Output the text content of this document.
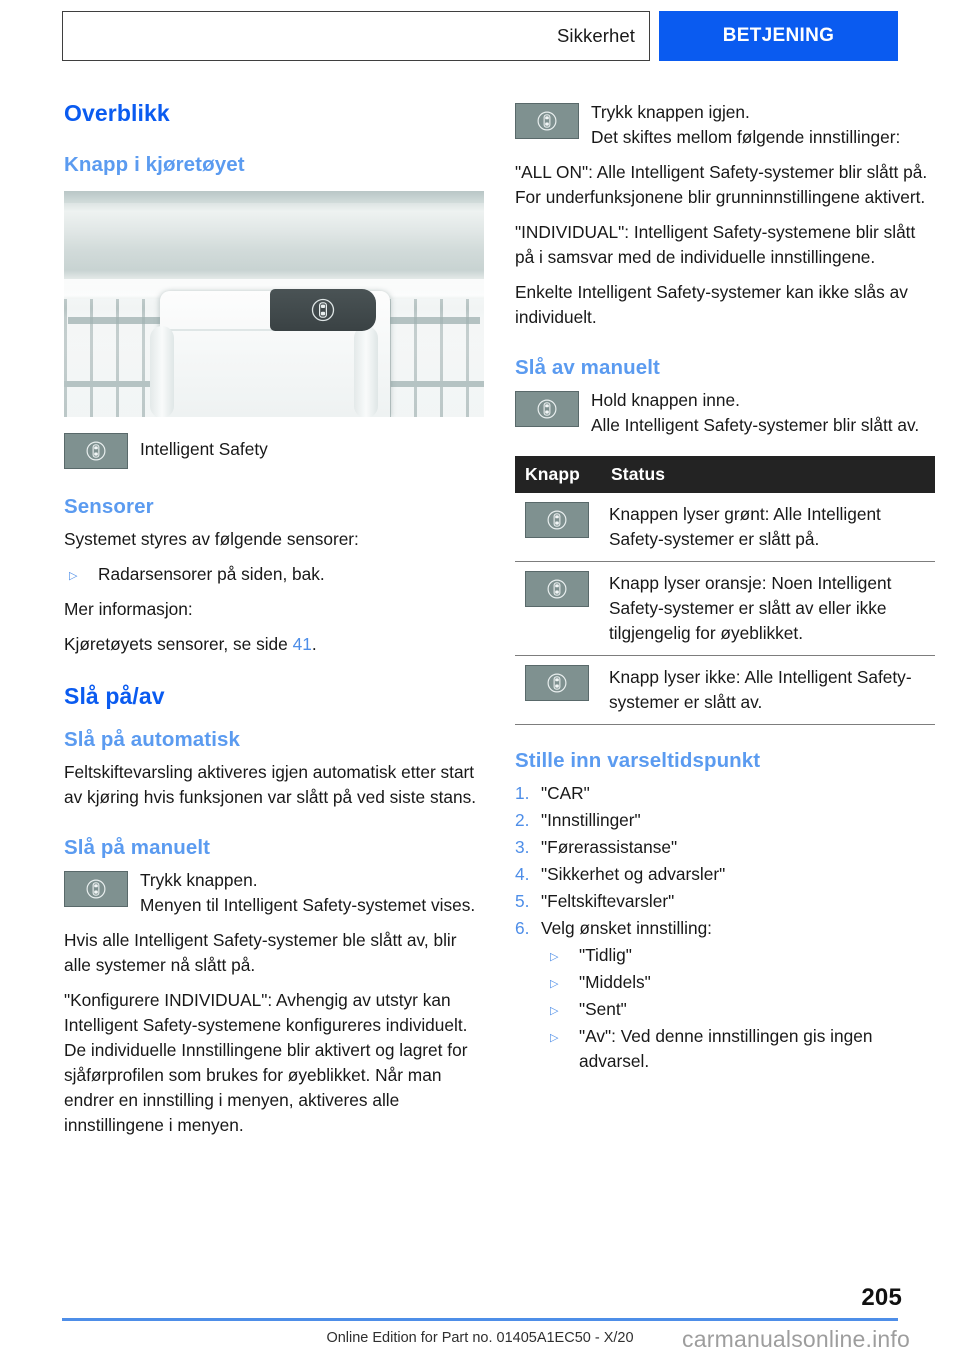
Sikkerhet	BETJENING
Overblikk
Knapp i kjøretøyet
Intelligent Safety
Sensorer

Systemet styres av følgende sensorer:

▷ Radarsensorer på siden, bak.

Mer informasjon:

Kjøretøyets sensorer, se side 41.

Slå på/av
Slå på automatisk

Feltskiftevarsling aktiveres igjen automatisk etter start av kjøring hvis funksjonen var slått på ved siste stans.

Slå på manuelt
Trykk knappen.
Menyen til Intelligent Safety-systemet vises.

Hvis alle Intelligent Safety-systemer ble slått av, blir alle systemer nå slått på.

"Konfigurere INDIVIDUAL": Avhengig av utstyr kan Intelligent Safety-systemene konfigureres individuelt. De individuelle Innstillingene blir aktivert og lagret for sjåførprofilen som brukes for øyeblikket. Når man endrer en innstilling i menyen, aktiveres alle innstillingene i menyen.

Trykk knappen igjen.
Det skiftes mellom følgende innstillinger:

"ALL ON": Alle Intelligent Safety-systemer blir slått på. For underfunksjonene blir grunninnstillingene aktivert.

"INDIVIDUAL": Intelligent Safety-systemene blir slått på i samsvar med de individuelle innstillingene.

Enkelte Intelligent Safety-systemer kan ikke slås av individuelt.

Slå av manuelt
Hold knappen inne.
Alle Intelligent Safety-systemer blir slått av.
Knapp	Status

	Knappen lyser grønt: Alle Intelligent Safety-systemer er slått på.

	Knapp lyser oransje: Noen Intelligent Safety-systemer er slått av eller ikke tilgjengelig for øyeblikket.

	Knapp lyser ikke: Alle Intelligent Safety-systemer er slått av.
Stille inn varseltidspunkt
1. "CAR"
2. "Innstillinger"
3. "Førerassistanse"
4. "Sikkerhet og advarsler"
5. "Feltskiftevarsler"
6. Velg ønsket innstilling:
▷ "Tidlig"
▷ "Middels"
▷ "Sent"
▷ "Av": Ved denne innstillingen gis ingen advarsel.
205
Online Edition for Part no. 01405A1EC50 - X/20	carmanualsonline.info
